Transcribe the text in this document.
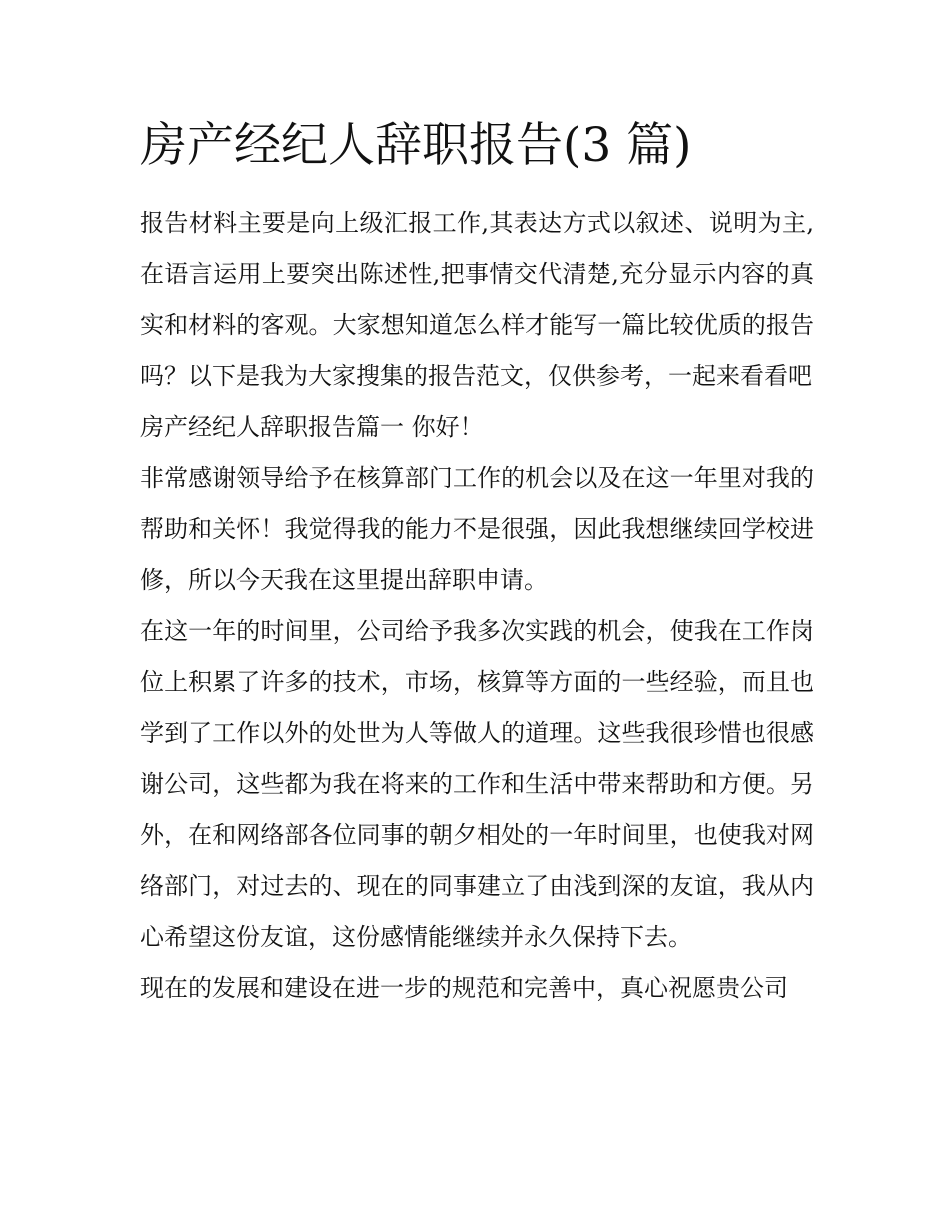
房产经纪人辞职报告(3 篇)

报告材料主要是向上级汇报工作,其表达方式以叙述、说明为主,在语言运用上要突出陈述性,把事情交代清楚,充分显示内容的真实和材料的客观。大家想知道怎么样才能写一篇比较优质的报告吗？以下是我为大家搜集的报告范文，仅供参考，一起来看看吧

房产经纪人辞职报告篇一 你好！

非常感谢领导给予在核算部门工作的机会以及在这一年里对我的帮助和关怀！我觉得我的能力不是很强，因此我想继续回学校进修，所以今天我在这里提出辞职申请。

在这一年的时间里，公司给予我多次实践的机会，使我在工作岗位上积累了许多的技术，市场，核算等方面的一些经验，而且也学到了工作以外的处世为人等做人的道理。这些我很珍惜也很感谢公司，这些都为我在将来的工作和生活中带来帮助和方便。另外，在和网络部各位同事的朝夕相处的一年时间里，也使我对网络部门，对过去的、现在的同事建立了由浅到深的友谊，我从内心希望这份友谊，这份感情能继续并永久保持下去。

现在的发展和建设在进一步的规范和完善中，真心祝愿贵公司
